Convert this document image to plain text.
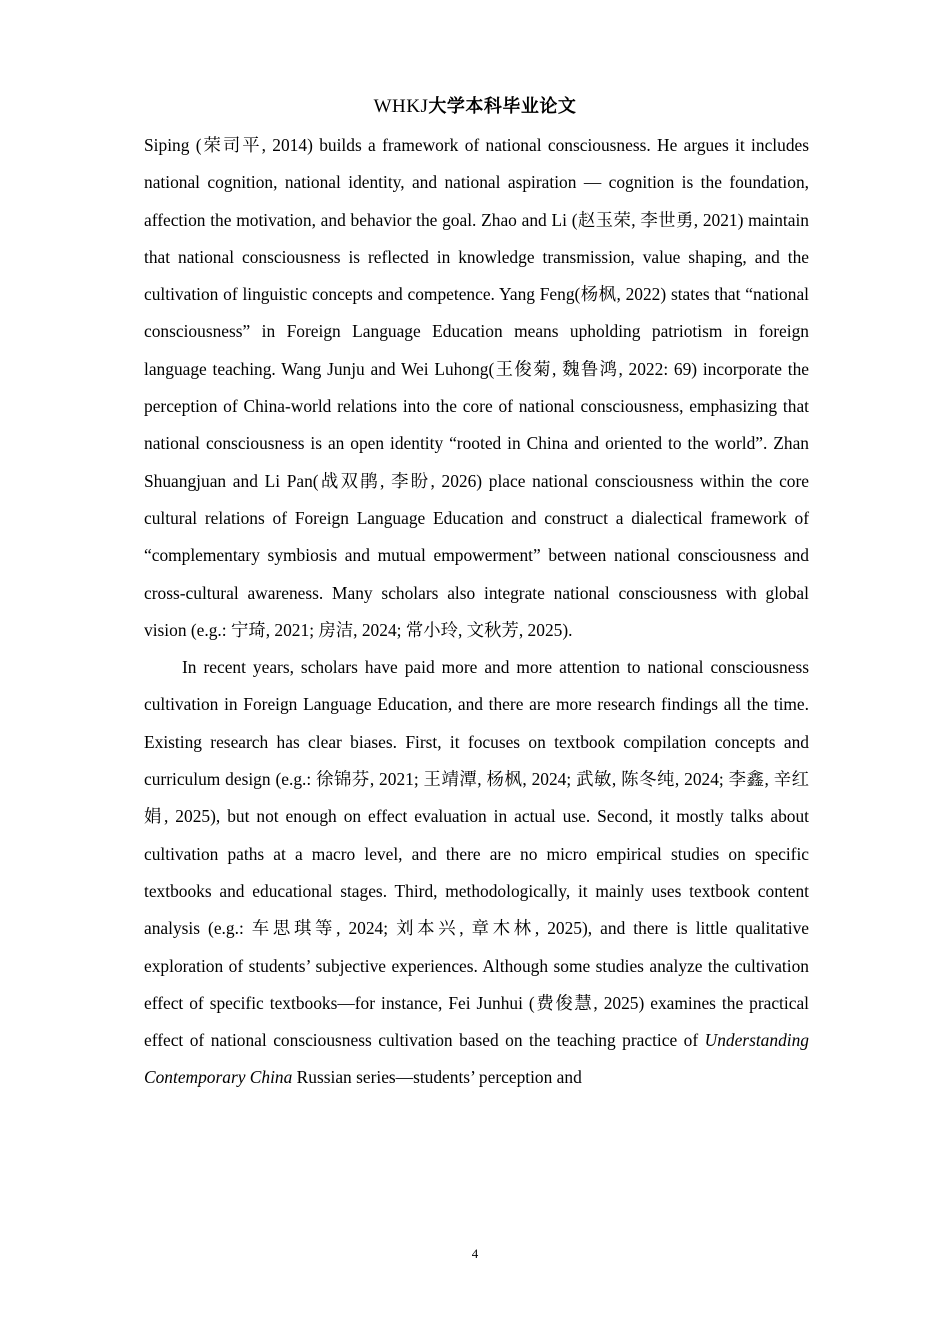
WHKJ大学本科毕业论文

Siping (荣司平, 2014) builds a framework of national consciousness. He argues it includes national cognition, national identity, and national aspiration — cognition is the foundation, affection the motivation, and behavior the goal. Zhao and Li (赵玉荣, 李世勇, 2021) maintain that national consciousness is reflected in knowledge transmission, value shaping, and the cultivation of linguistic concepts and competence. Yang Feng(杨枫, 2022) states that “national consciousness” in Foreign Language Education means upholding patriotism in foreign language teaching. Wang Junju and Wei Luhong(王俊菊, 魏鲁鸿, 2022: 69) incorporate the perception of China-world relations into the core of national consciousness, emphasizing that national consciousness is an open identity “rooted in China and oriented to the world”. Zhan Shuangjuan and Li Pan(战双鹃, 李盼, 2026) place national consciousness within the core cultural relations of Foreign Language Education and construct a dialectical framework of “complementary symbiosis and mutual empowerment” between national consciousness and cross-cultural awareness. Many scholars also integrate national consciousness with global vision (e.g.: 宁琦, 2021; 房洁, 2024; 常小玲, 文秋芳, 2025).

In recent years, scholars have paid more and more attention to national consciousness cultivation in Foreign Language Education, and there are more research findings all the time. Existing research has clear biases. First, it focuses on textbook compilation concepts and curriculum design (e.g.: 徐锦芬, 2021; 王靖潭, 杨枫, 2024; 武敏, 陈冬纯, 2024; 李鑫, 辛红娟, 2025), but not enough on effect evaluation in actual use. Second, it mostly talks about cultivation paths at a macro level, and there are no micro empirical studies on specific textbooks and educational stages. Third, methodologically, it mainly uses textbook content analysis (e.g.: 车思琪等, 2024; 刘本兴, 章木林, 2025), and there is little qualitative exploration of students’ subjective experiences. Although some studies analyze the cultivation effect of specific textbooks—for instance, Fei Junhui (费俊慧, 2025) examines the practical effect of national consciousness cultivation based on the teaching practice of Understanding Contemporary China Russian series—students’ perception and

4
